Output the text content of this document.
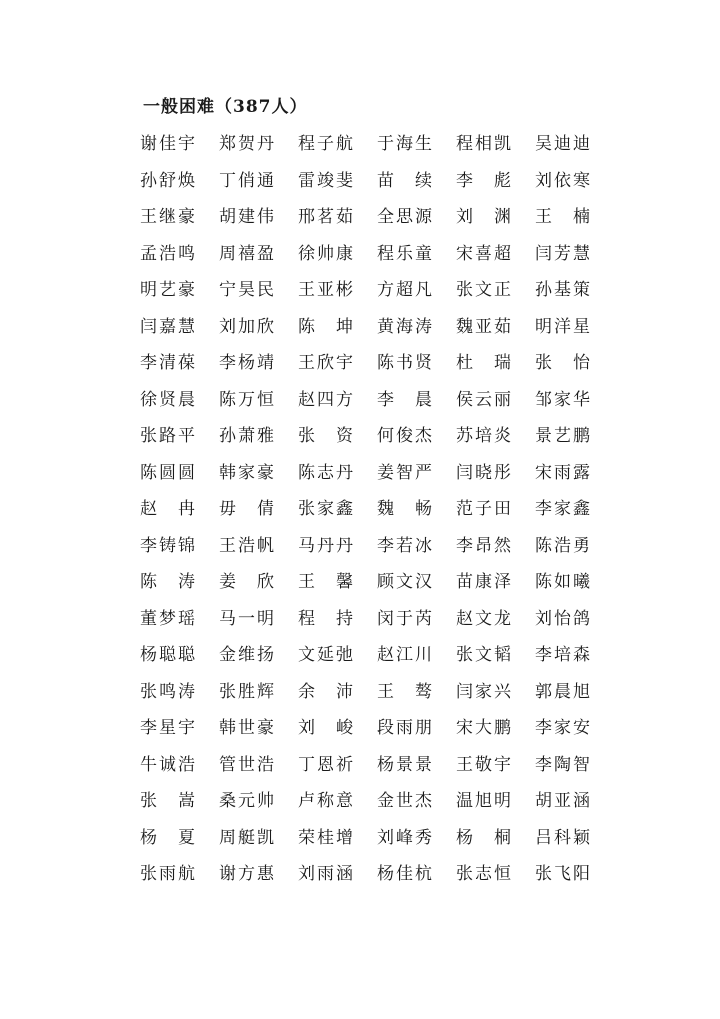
一般困难（387人）
谢佳宇	郑贺丹	程子航	于海生	程相凯	吴迪迪
孙舒焕	丁俏通	雷竣斐	苗　续	李　彪	刘依寒
王继豪	胡建伟	邢茗茹	全思源	刘　渊	王　楠
孟浩鸣	周禧盈	徐帅康	程乐童	宋喜超	闫芳慧
明艺豪	宁昊民	王亚彬	方超凡	张文正	孙基策
闫嘉慧	刘加欣	陈　坤	黄海涛	魏亚茹	明洋星
李清葆	李杨靖	王欣宇	陈书贤	杜　瑞	张　怡
徐贤晨	陈万恒	赵四方	李　晨	侯云丽	邹家华
张路平	孙萧雅	张　资	何俊杰	苏培炎	景艺鹏
陈圆圆	韩家豪	陈志丹	姜智严	闫晓彤	宋雨露
赵　冉	毋　倩	张家鑫	魏　畅	范子田	李家鑫
李铸锦	王浩帆	马丹丹	李若冰	李昂然	陈浩勇
陈　涛	姜　欣	王　馨	顾文汉	苗康泽	陈如曦
董梦瑶	马一明	程　持	闵于芮	赵文龙	刘怡鸽
杨聪聪	金维扬	文延弛	赵江川	张文韬	李培森
张鸣涛	张胜辉	余　沛	王　骜	闫家兴	郭晨旭
李星宇	韩世豪	刘　峻	段雨朋	宋大鹏	李家安
牛诚浩	管世浩	丁恩祈	杨景景	王敬宇	李陶智
张　嵩	桑元帅	卢称意	金世杰	温旭明	胡亚涵
杨　夏	周艇凯	荣桂增	刘峰秀	杨　桐	吕科颖
张雨航	谢方惠	刘雨涵	杨佳杭	张志恒	张飞阳
